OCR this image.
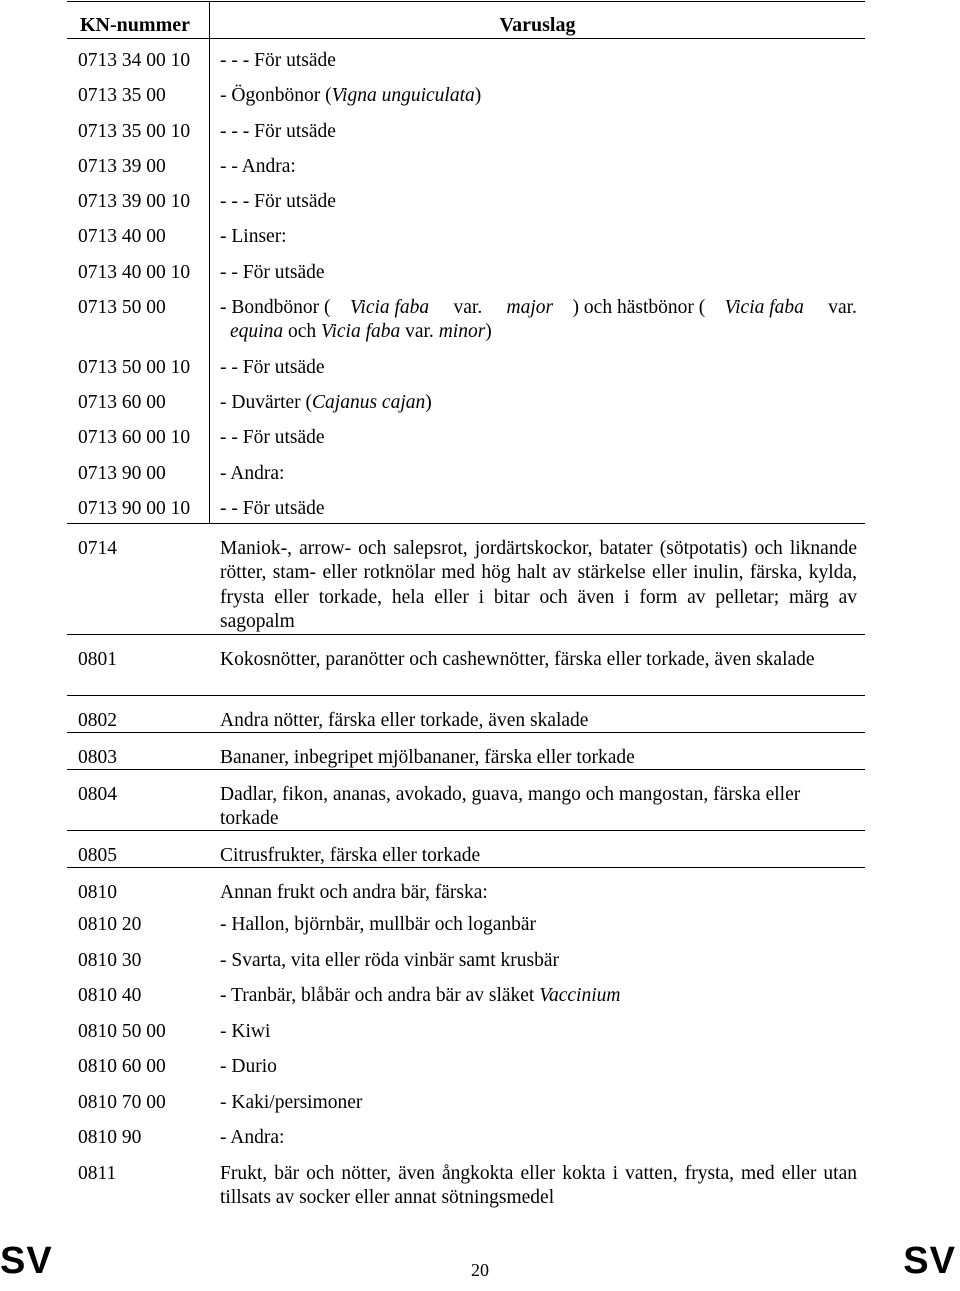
KN-nummer	Varuslag
0713 34 00 10	- - - För utsäde
0713 35 00	- Ögonbönor (Vigna unguiculata)
0713 35 00 10	- - - För utsäde
0713 39 00	- - Andra:
0713 39 00 10	- - - För utsäde
0713 40 00	- Linser:
0713 40 00 10	- - För utsäde
0713 50 00	- Bondbönor ( Vicia faba var. major ) och hästbönor ( Vicia faba var.
equina och Vicia faba var. minor)
0713 50 00 10	- - För utsäde
0713 60 00	- Duvärter (Cajanus cajan)
0713 60 00 10	- - För utsäde
0713 90 00	- Andra:
0713 90 00 10	- - För utsäde
0714	Maniok-, arrow- och salepsrot, jordärtskockor, batater (sötpotatis) och liknande rötter, stam- eller rotknölar med hög halt av stärkelse eller inulin, färska, kylda, frysta eller torkade, hela eller i bitar och även i form av pelletar; märg av sagopalm
0801	Kokosnötter, paranötter och cashewnötter, färska eller torkade, även skalade
0802	Andra nötter, färska eller torkade, även skalade
0803	Bananer, inbegripet mjölbananer, färska eller torkade
0804	Dadlar, fikon, ananas, avokado, guava, mango och mangostan, färska eller torkade
0805	Citrusfrukter, färska eller torkade
0810	Annan frukt och andra bär, färska:
0810 20	- Hallon, björnbär, mullbär och loganbär
0810 30	- Svarta, vita eller röda vinbär samt krusbär
0810 40	- Tranbär, blåbär och andra bär av släket Vaccinium
0810 50 00	- Kiwi
0810 60 00	- Durio
0810 70 00	- Kaki/persimoner
0810 90	- Andra:
0811	Frukt, bär och nötter, även ångkokta eller kokta i vatten, frysta, med eller utan tillsats av socker eller annat sötningsmedel
SV	20	SV
